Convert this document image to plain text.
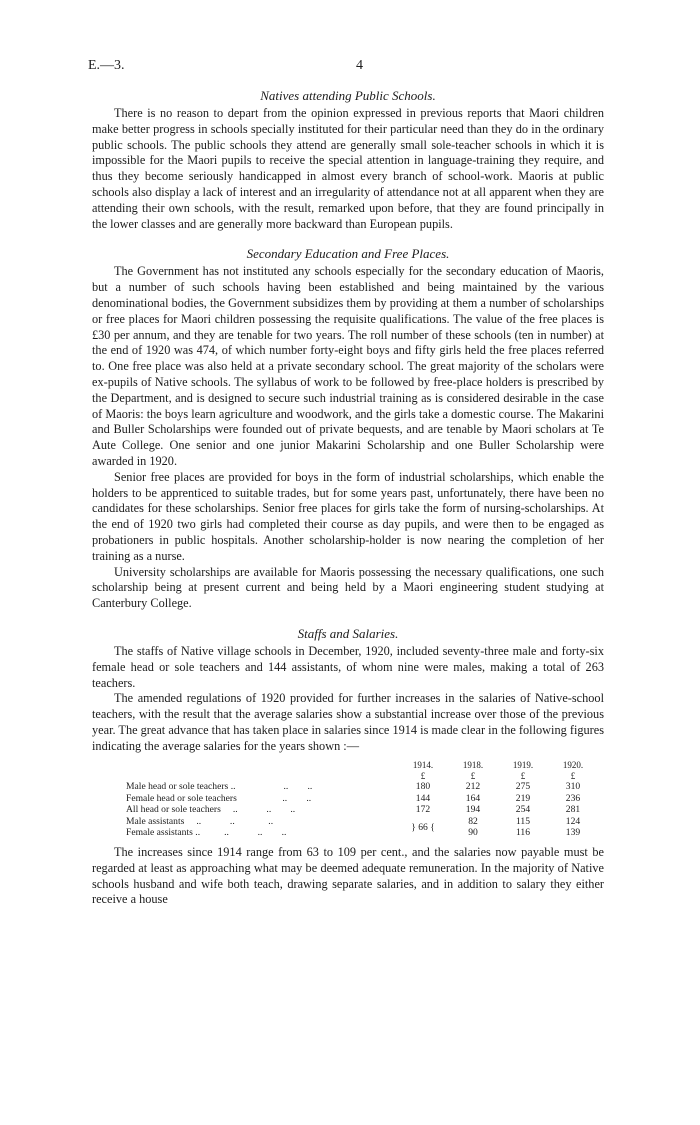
E.—3.	4
Natives attending Public Schools.

There is no reason to depart from the opinion expressed in previous reports that Maori children make better progress in schools specially instituted for their particular need than they do in the ordinary public schools. The public schools they attend are generally small sole-teacher schools in which it is impossible for the Maori pupils to receive the special attention in language-training they require, and thus they become seriously handicapped in almost every branch of school-work. Maoris at public schools also display a lack of interest and an irregularity of attendance not at all apparent when they are attending their own schools, with the result, remarked upon before, that they are found principally in the lower classes and are generally more backward than European pupils.

Secondary Education and Free Places.

The Government has not instituted any schools especially for the secondary education of Maoris, but a number of such schools having been established and being maintained by the various denominational bodies, the Government subsidizes them by providing at them a number of scholarships or free places for Maori children possessing the requisite qualifications. The value of the free places is £30 per annum, and they are tenable for two years. The roll number of these schools (ten in number) at the end of 1920 was 474, of which number forty-eight boys and fifty girls held the free places referred to. One free place was also held at a private secondary school. The great majority of the scholars were ex-pupils of Native schools. The syllabus of work to be followed by free-place holders is prescribed by the Department, and is designed to secure such industrial training as is considered desirable in the case of Maoris: the boys learn agriculture and woodwork, and the girls take a domestic course. The Makarini and Buller Scholarships were founded out of private bequests, and are tenable by Maori scholars at Te Aute College. One senior and one junior Makarini Scholarship and one Buller Scholarship were awarded in 1920.

Senior free places are provided for boys in the form of industrial scholarships, which enable the holders to be apprenticed to suitable trades, but for some years past, unfortunately, there have been no candidates for these scholarships. Senior free places for girls take the form of nursing-scholarships. At the end of 1920 two girls had completed their course as day pupils, and were then to be engaged as probationers in public hospitals. Another scholarship-holder is now nearing the completion of her training as a nurse.

University scholarships are available for Maoris possessing the necessary qualifications, one such scholarship being at present current and being held by a Maori engineering student studying at Canterbury College.

Staffs and Salaries.

The staffs of Native village schools in December, 1920, included seventy-three male and forty-six female head or sole teachers and 144 assistants, of whom nine were males, making a total of 263 teachers.

The amended regulations of 1920 provided for further increases in the salaries of Native-school teachers, with the result that the average salaries show a substantial increase over those of the previous year. The great advance that has taken place in salaries since 1914 is made clear in the following figures indicating the average salaries for the years shown :—

	1914.	1918.	1919.	1920.
	£	£	£	£
Male head or sole teachers ..                    ..        ..	180	212	275	310
Female head or sole teachers                   ..        ..	144	164	219	236
All head or sole teachers     ..            ..        ..	172	194	254	281
Male assistants     ..            ..              ..	} 66 {	82	115	124
Female assistants ..          ..            ..        ..		90	116	139

The increases since 1914 range from 63 to 109 per cent., and the salaries now payable must be regarded at least as approaching what may be deemed adequate remuneration. In the majority of Native schools husband and wife both teach, drawing separate salaries, and in addition to salary they either receive a house
